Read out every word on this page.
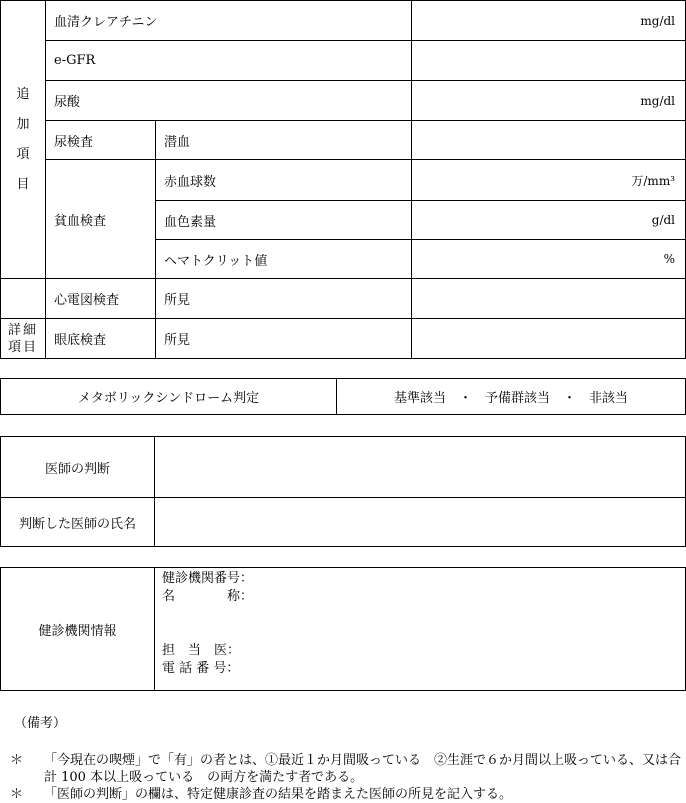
追
加
項
目	血清クレアチニン		mg/dl
	e-GFR		
	尿酸		mg/dl
	尿検査	潜血	
	貧血検査	赤血球数	万/mm³
		血色素量	g/dl
		ヘマトクリット値	%
	心電図検査	所見	
詳細項目	眼底検査	所見	
メタボリックシンドローム判定	基準該当　・　予備群該当　・　非該当
医師の判断	
判断した医師の氏名	
健診機関情報	
健診機関番号：
名　　　　称：

担　当　医：
電 話 番 号：
（備考）
＊ 「今現在の喫煙」で「有」の者とは、①最近１か月間吸っている　②生涯で６か月間以上吸っている、又は合計 100 本以上吸っている　の両方を満たす者である。
＊ 「医師の判断」の欄は、特定健康診査の結果を踏まえた医師の所見を記入する。
